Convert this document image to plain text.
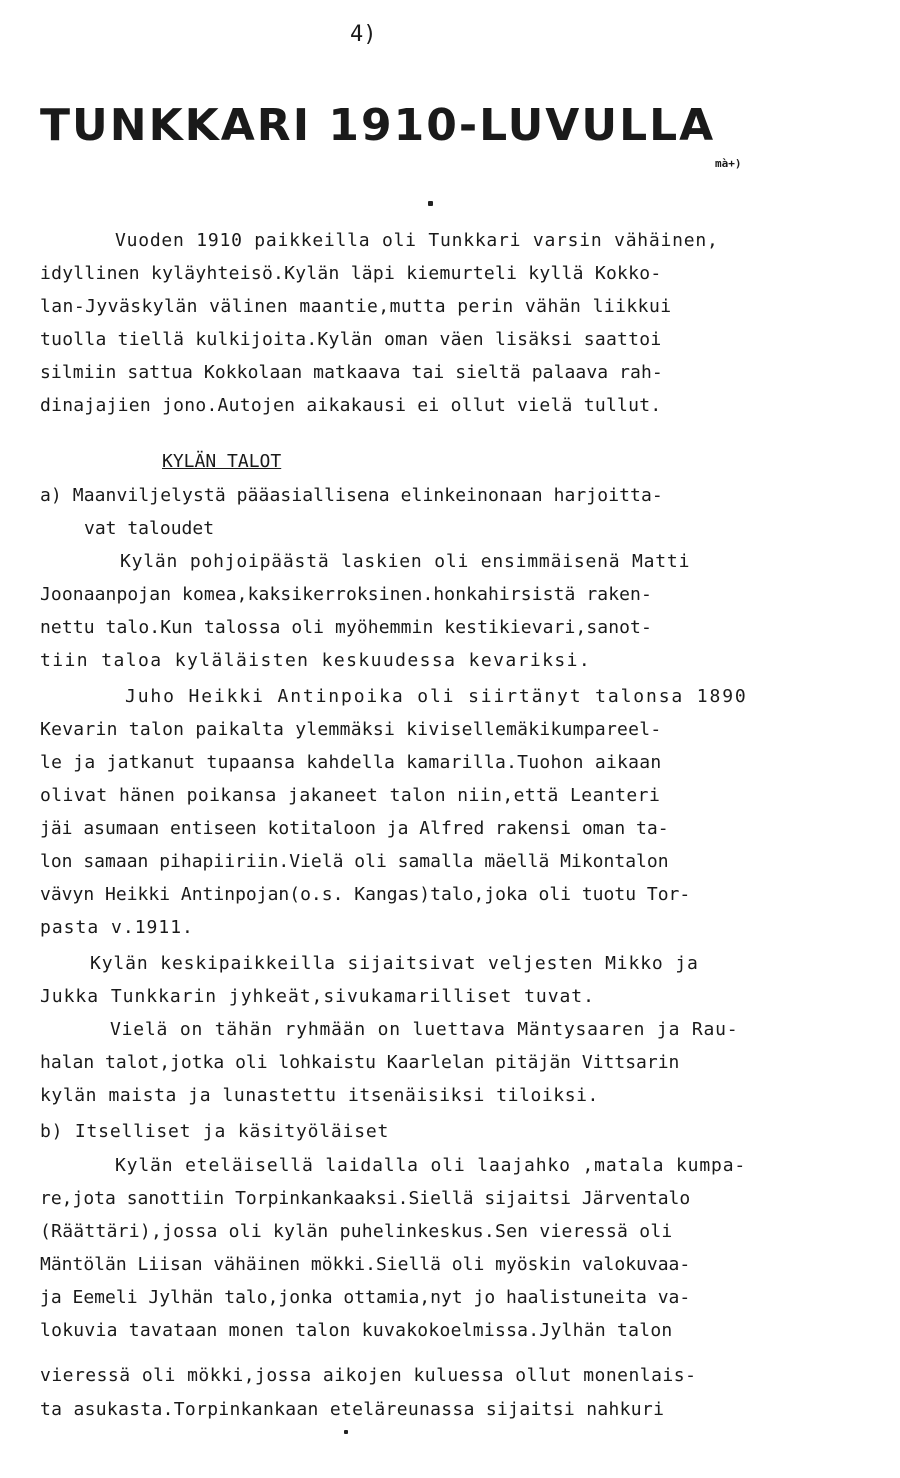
4)
TUNKKARI 1910-LUVULLA
mà+)
Vuoden 1910 paikkeilla oli Tunkkari varsin vähäinen,
idyllinen kyläyhteisö.Kylän läpi kiemurteli kyllä Kokko-
lan-Jyväskylän välinen maantie,mutta perin vähän liikkui
tuolla tiellä kulkijoita.Kylän oman väen lisäksi saattoi
silmiin sattua Kokkolaan matkaava tai sieltä palaava rah-
dinajajien jono.Autojen aikakausi ei ollut vielä tullut.
KYLÄN TALOT
a) Maanviljelystä pääasiallisena elinkeinonaan harjoitta-
vat taloudet
Kylän pohjoipäästä laskien oli ensimmäisenä Matti
Joonaanpojan komea,kaksikerroksinen.honkahirsistä raken-
nettu talo.Kun talossa oli myöhemmin kestikievari,sanot-
tiin taloa kyläläisten keskuudessa kevariksi.
Juho Heikki Antinpoika oli siirtänyt talonsa 1890
Kevarin talon paikalta ylemmäksi kivisellemäkikumpareel-
le ja jatkanut tupaansa kahdella kamarilla.Tuohon aikaan
olivat hänen poikansa jakaneet talon niin,että Leanteri
jäi asumaan entiseen kotitaloon ja Alfred rakensi oman ta-
lon samaan pihapiiriin.Vielä oli samalla mäellä Mikontalon
vävyn Heikki Antinpojan(o.s. Kangas)talo,joka oli tuotu Tor-
pasta v.1911.
Kylän keskipaikkeilla sijaitsivat veljesten Mikko ja
Jukka Tunkkarin jyhkeät,sivukamarilliset tuvat.
Vielä on tähän ryhmään on luettava Mäntysaaren ja Rau-
halan talot,jotka oli lohkaistu Kaarlelan pitäjän Vittsarin
kylän maista ja lunastettu itsenäisiksi tiloiksi.
b) Itselliset ja käsityöläiset
Kylän eteläisellä laidalla oli laajahko ,matala kumpa-
re,jota sanottiin Torpinkankaaksi.Siellä sijaitsi Järventalo
(Räättäri),jossa oli kylän puhelinkeskus.Sen vieressä oli
Mäntölän Liisan vähäinen mökki.Siellä oli myöskin valokuvaa-
ja Eemeli Jylhän talo,jonka ottamia,nyt jo haalistuneita va-
lokuvia tavataan monen talon kuvakokoelmissa.Jylhän talon
vieressä oli mökki,jossa aikojen kuluessa ollut monenlais-
ta asukasta.Torpinkankaan eteläreunassa sijaitsi nahkuri
